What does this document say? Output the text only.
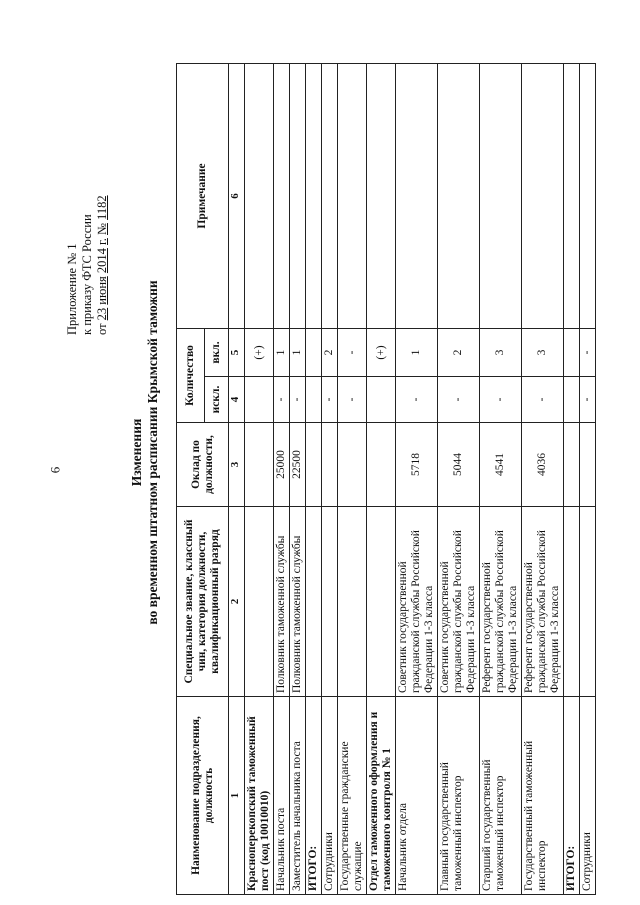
6
Приложение № 1 к приказу ФТС России от 23 июня 2014 г. № 1182
Изменения во временном штатном расписании Крымской таможни
Наименование подразделения, должность	Специальное звание, классный чин, категория должности, квалификационный разряд	Оклад по должности,	Количество		Примечание
			искл.	вкл.	
1	2	3	4	5	6
Красноперекопский таможенный пост (код 10010010)				(+)	
Начальник поста	Полковник таможенной службы	25000	-	1	
Заместитель начальника поста	Полковник таможенной службы	22500	-	1	
ИТОГО:					
Сотрудники			-	2	
Государственные гражданские служащие			-	-	
Отдел таможенного оформления и таможенного контроля № 1				(+)	
Начальник отдела	Советник государственной гражданской службы Российской Федерации 1-3 класса	5718	-	1	
Главный государственный таможенный инспектор	Советник государственной гражданской службы Российской Федерации 1-3 класса	5044	-	2	
Старший государственный таможенный инспектор	Референт государственной гражданской службы Российской Федерации 1-3 класса	4541	-	3	
Государственный таможенный инспектор	Референт государственной гражданской службы Российской Федерации 1-3 класса	4036	-	3	
ИТОГО:					
Сотрудники			-	-	
